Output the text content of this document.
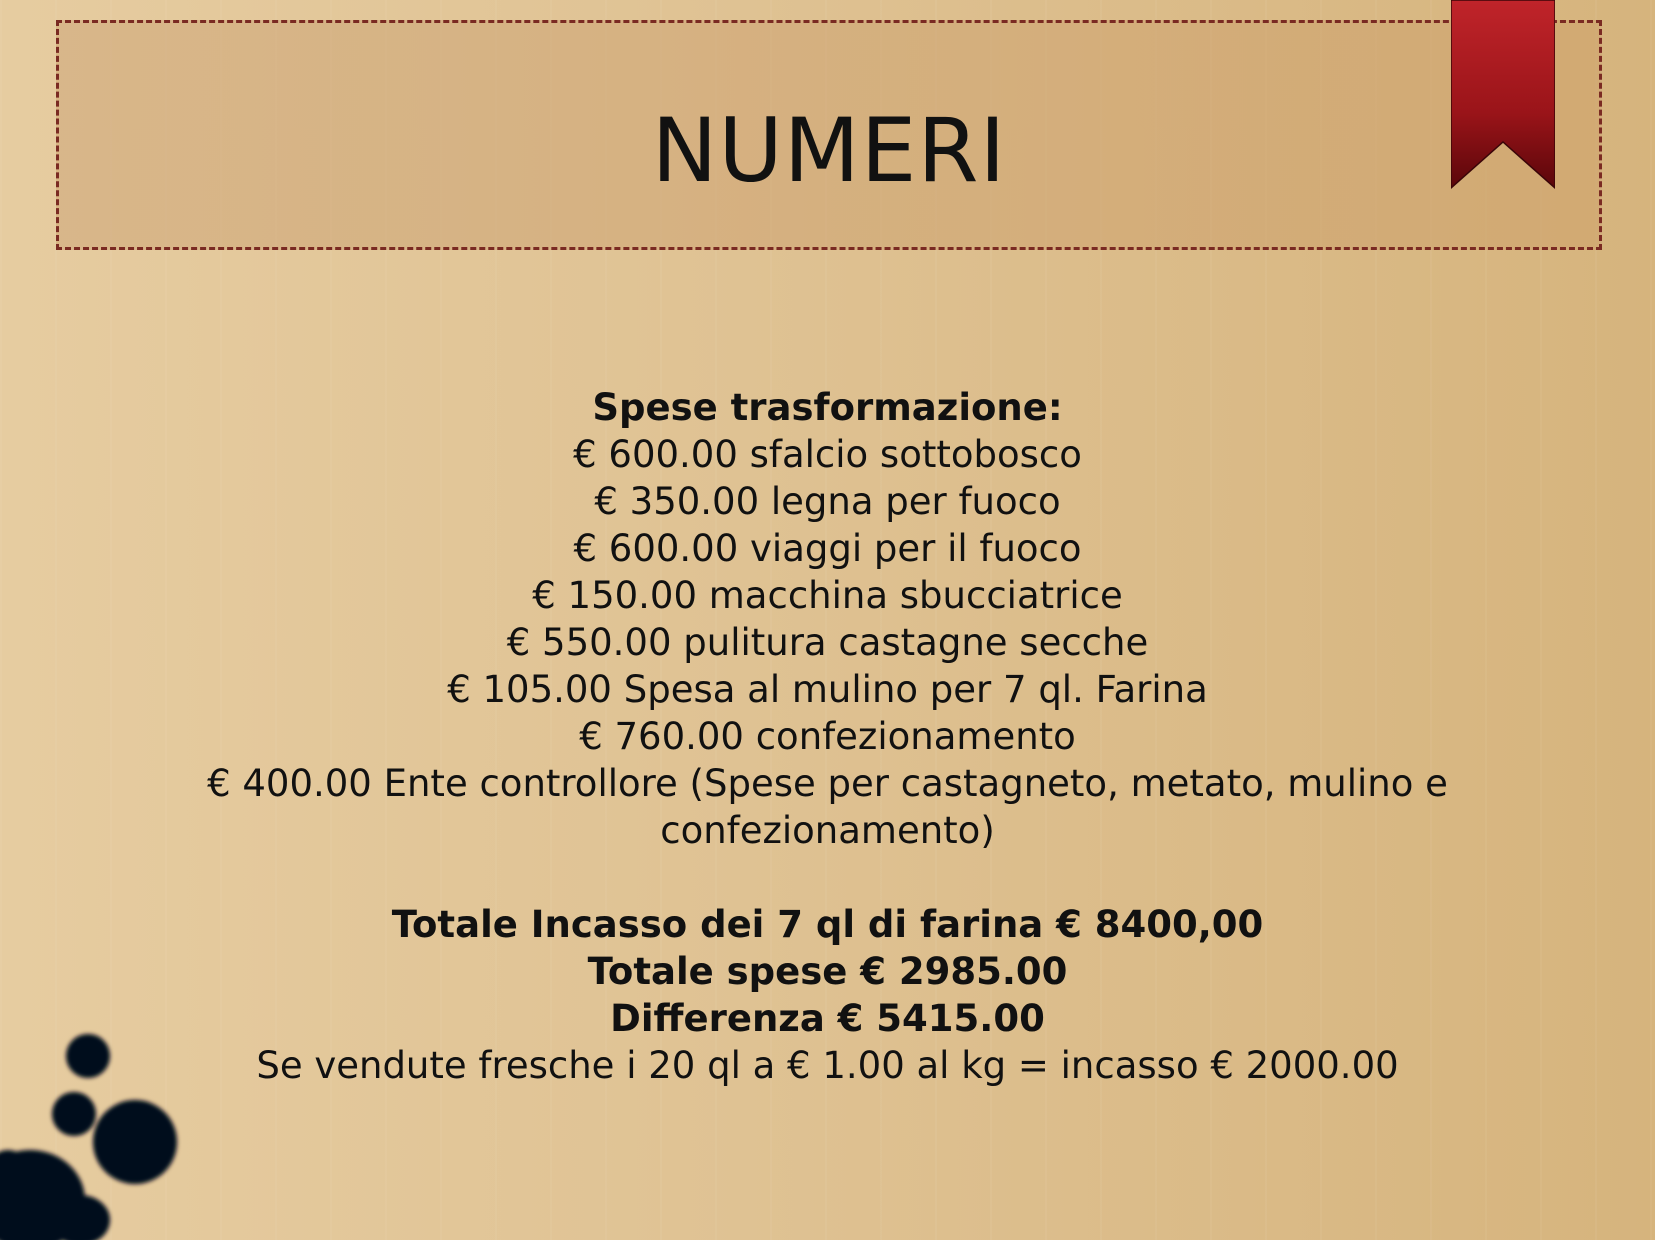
NUMERI
Spese trasformazione:
€ 600.00 sfalcio sottobosco
€ 350.00 legna per fuoco
€ 600.00 viaggi per il fuoco
€ 150.00 macchina sbucciatrice
€ 550.00 pulitura castagne secche
€ 105.00 Spesa al mulino per 7 ql. Farina
€ 760.00 confezionamento
€ 400.00 Ente controllore (Spese per castagneto, metato, mulino e
confezionamento)
Totale Incasso dei 7 ql di farina € 8400,00
Totale spese € 2985.00
Differenza € 5415.00
Se vendute fresche i 20 ql a € 1.00 al kg = incasso € 2000.00
